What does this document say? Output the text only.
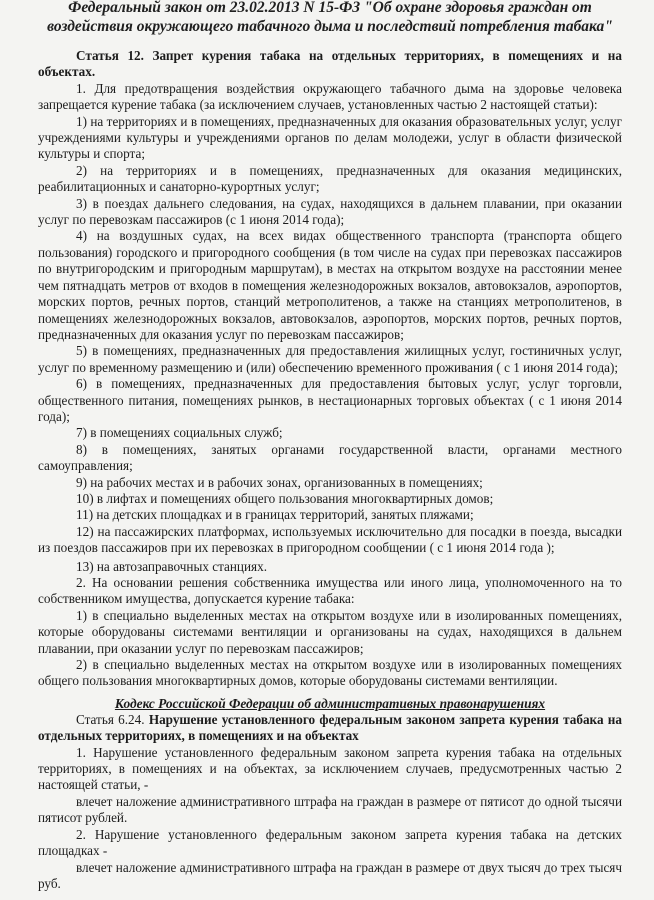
Федеральный закон от 23.02.2013 N 15-ФЗ "Об охране здоровья граждан от
воздействия окружающего табачного дыма и последствий потребления табака"

Статья 12. Запрет курения табака на отдельных территориях, в помещениях и на объектах.

1. Для предотвращения воздействия окружающего табачного дыма на здоровье человека запрещается курение табака (за исключением случаев, установленных частью 2 настоящей статьи):

1) на территориях и в помещениях, предназначенных для оказания образовательных услуг, услуг учреждениями культуры и учреждениями органов по делам молодежи, услуг в области физической культуры и спорта;

2) на территориях и в помещениях, предназначенных для оказания медицинских, реабилитационных и санаторно-курортных услуг;

3) в поездах дальнего следования, на судах, находящихся в дальнем плавании, при оказании услуг по перевозкам пассажиров (с 1 июня 2014 года);

4) на воздушных судах, на всех видах общественного транспорта (транспорта общего пользования) городского и пригородного сообщения (в том числе на судах при перевозках пассажиров по внутригородским и пригородным маршрутам), в местах на открытом воздухе на расстоянии менее чем пятнадцать метров от входов в помещения железнодорожных вокзалов, автовокзалов, аэропортов, морских портов, речных портов, станций метрополитенов, а также на станциях метрополитенов, в помещениях железнодорожных вокзалов, автовокзалов, аэропортов, морских портов, речных портов, предназначенных для оказания услуг по перевозкам пассажиров;

5) в помещениях, предназначенных для предоставления жилищных услуг, гостиничных услуг, услуг по временному размещению и (или) обеспечению временного проживания ( с 1 июня 2014 года);

6) в помещениях, предназначенных для предоставления бытовых услуг, услуг торговли, общественного питания, помещениях рынков, в нестационарных торговых объектах ( с 1 июня 2014 года);

7) в помещениях социальных служб;

8) в помещениях, занятых органами государственной власти, органами местного самоуправления;

9) на рабочих местах и в рабочих зонах, организованных в помещениях;

10) в лифтах и помещениях общего пользования многоквартирных домов;

11) на детских площадках и в границах территорий, занятых пляжами;

12) на пассажирских платформах, используемых исключительно для посадки в поезда, высадки из поездов пассажиров при их перевозках в пригородном сообщении ( с 1 июня 2014 года );

13) на автозаправочных станциях.

2. На основании решения собственника имущества или иного лица, уполномоченного на то собственником имущества, допускается курение табака:

1) в специально выделенных местах на открытом воздухе или в изолированных помещениях, которые оборудованы системами вентиляции и организованы на судах, находящихся в дальнем плавании, при оказании услуг по перевозкам пассажиров;

2) в специально выделенных местах на открытом воздухе или в изолированных помещениях общего пользования многоквартирных домов, которые оборудованы системами вентиляции.

Кодекс Российской Федерации об административных правонарушениях

Статья 6.24. Нарушение установленного федеральным законом запрета курения табака на отдельных территориях, в помещениях и на объектах

1. Нарушение установленного федеральным законом запрета курения табака на отдельных территориях, в помещениях и на объектах, за исключением случаев, предусмотренных частью 2 настоящей статьи, -

влечет наложение административного штрафа на граждан в размере от пятисот до одной тысячи пятисот рублей.

2. Нарушение установленного федеральным законом запрета курения табака на детских площадках -

влечет наложение административного штрафа на граждан в размере от двух тысяч до трех тысяч руб.
